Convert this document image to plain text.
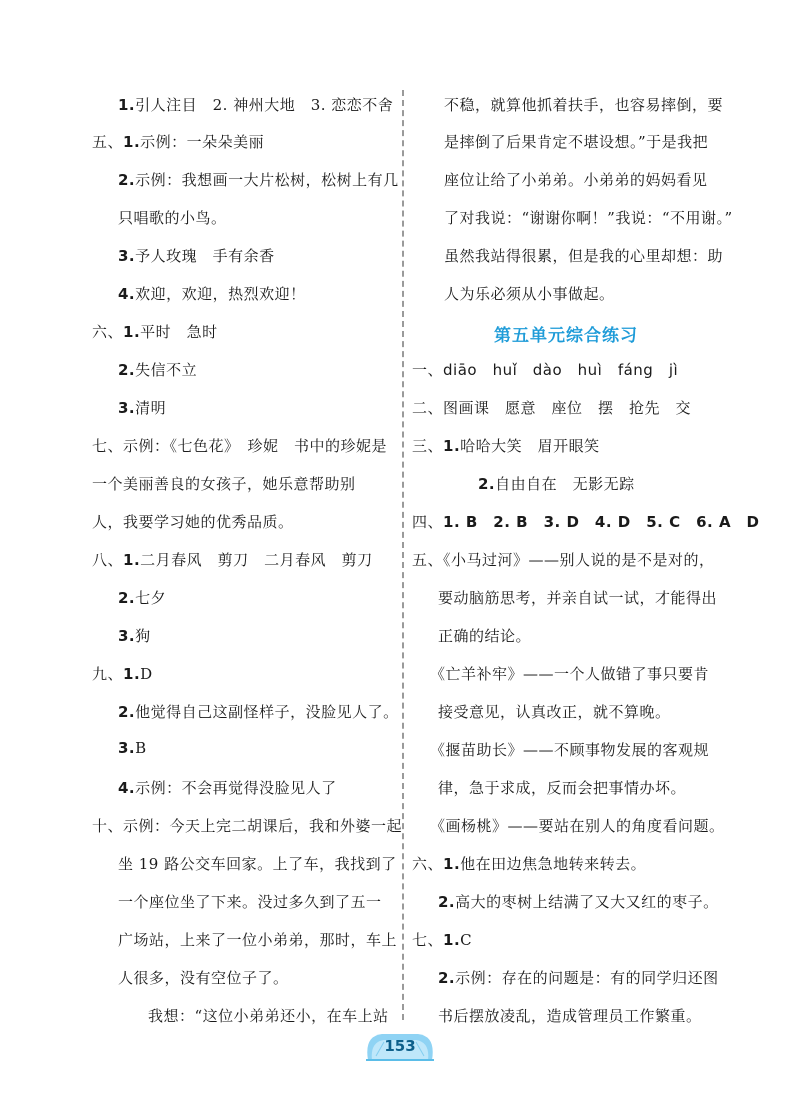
1.引人注目　2. 神州大地　3. 恋恋不舍
五、1.示例：一朵朵美丽
2.示例：我想画一大片松树，松树上有几
只唱歌的小鸟。
3.予人玫瑰　手有余香
4.欢迎，欢迎，热烈欢迎！
六、1.平时　急时
2.失信不立
3.清明
七、示例：《七色花》　珍妮　书中的珍妮是
一个美丽善良的女孩子，她乐意帮助别
人，我要学习她的优秀品质。
八、1.二月春风　剪刀　二月春风　剪刀
2.七夕
3.狗
九、1.D
2.他觉得自己这副怪样子，没脸见人了。
3.B
4.示例：不会再觉得没脸见人了
十、示例：今天上完二胡课后，我和外婆一起
坐 19 路公交车回家。上了车，我找到了
一个座位坐了下来。没过多久到了五一
广场站，上来了一位小弟弟，那时，车上
人很多，没有空位子了。
我想：“这位小弟弟还小，在车上站
不稳，就算他抓着扶手，也容易摔倒，要
是摔倒了后果肯定不堪设想。”于是我把
座位让给了小弟弟。小弟弟的妈妈看见
了对我说：“谢谢你啊！”我说：“不用谢。”
虽然我站得很累，但是我的心里却想：助
人为乐必须从小事做起。
第五单元综合练习
一、diāo　huǐ　dào　huì　fáng　jì
二、图画课　愿意　座位　摆　抢先　交
三、1.哈哈大笑　眉开眼笑
2.自由自在　无影无踪
四、1. B　2. B　3. D　4. D　5. C　6. A　D
五、《小马过河》——别人说的是不是对的，
要动脑筋思考，并亲自试一试，才能得出
正确的结论。
《亡羊补牢》——一个人做错了事只要肯
接受意见，认真改正，就不算晚。
《揠苗助长》——不顾事物发展的客观规
律，急于求成，反而会把事情办坏。
《画杨桃》——要站在别人的角度看问题。
六、1.他在田边焦急地转来转去。
2.高大的枣树上结满了又大又红的枣子。
七、1.C
2.示例：存在的问题是：有的同学归还图
书后摆放凌乱，造成管理员工作繁重。
153
